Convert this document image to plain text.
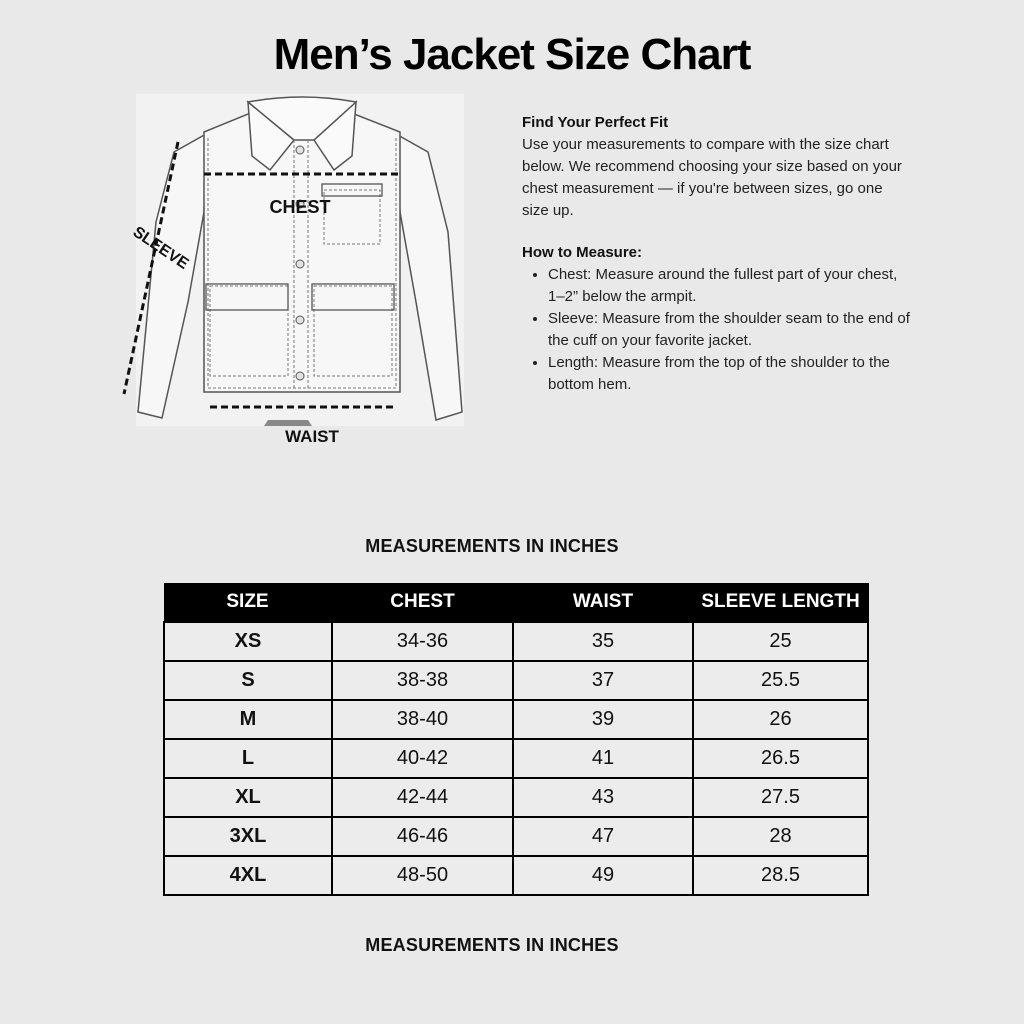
Men’s Jacket Size Chart
CHEST
SLEEVE
WAIST
Find Your Perfect Fit

Use your measurements to compare with the size chart below. We recommend choosing your size based on your chest measurement — if you're between sizes, go one size up.

How to Measure:
• Chest: Measure around the fullest part of your chest, 1–2” below the armpit.
• Sleeve: Measure from the shoulder seam to the end of the cuff on your favorite jacket.
• Length: Measure from the top of the shoulder to the bottom hem.
MEASUREMENTS IN INCHES
SIZE	CHEST	WAIST	SLEEVE LENGTH
XS	34-36	35	25
S	38-38	37	25.5
M	38-40	39	26
L	40-42	41	26.5
XL	42-44	43	27.5
3XL	46-46	47	28
4XL	48-50	49	28.5
MEASUREMENTS IN INCHES
